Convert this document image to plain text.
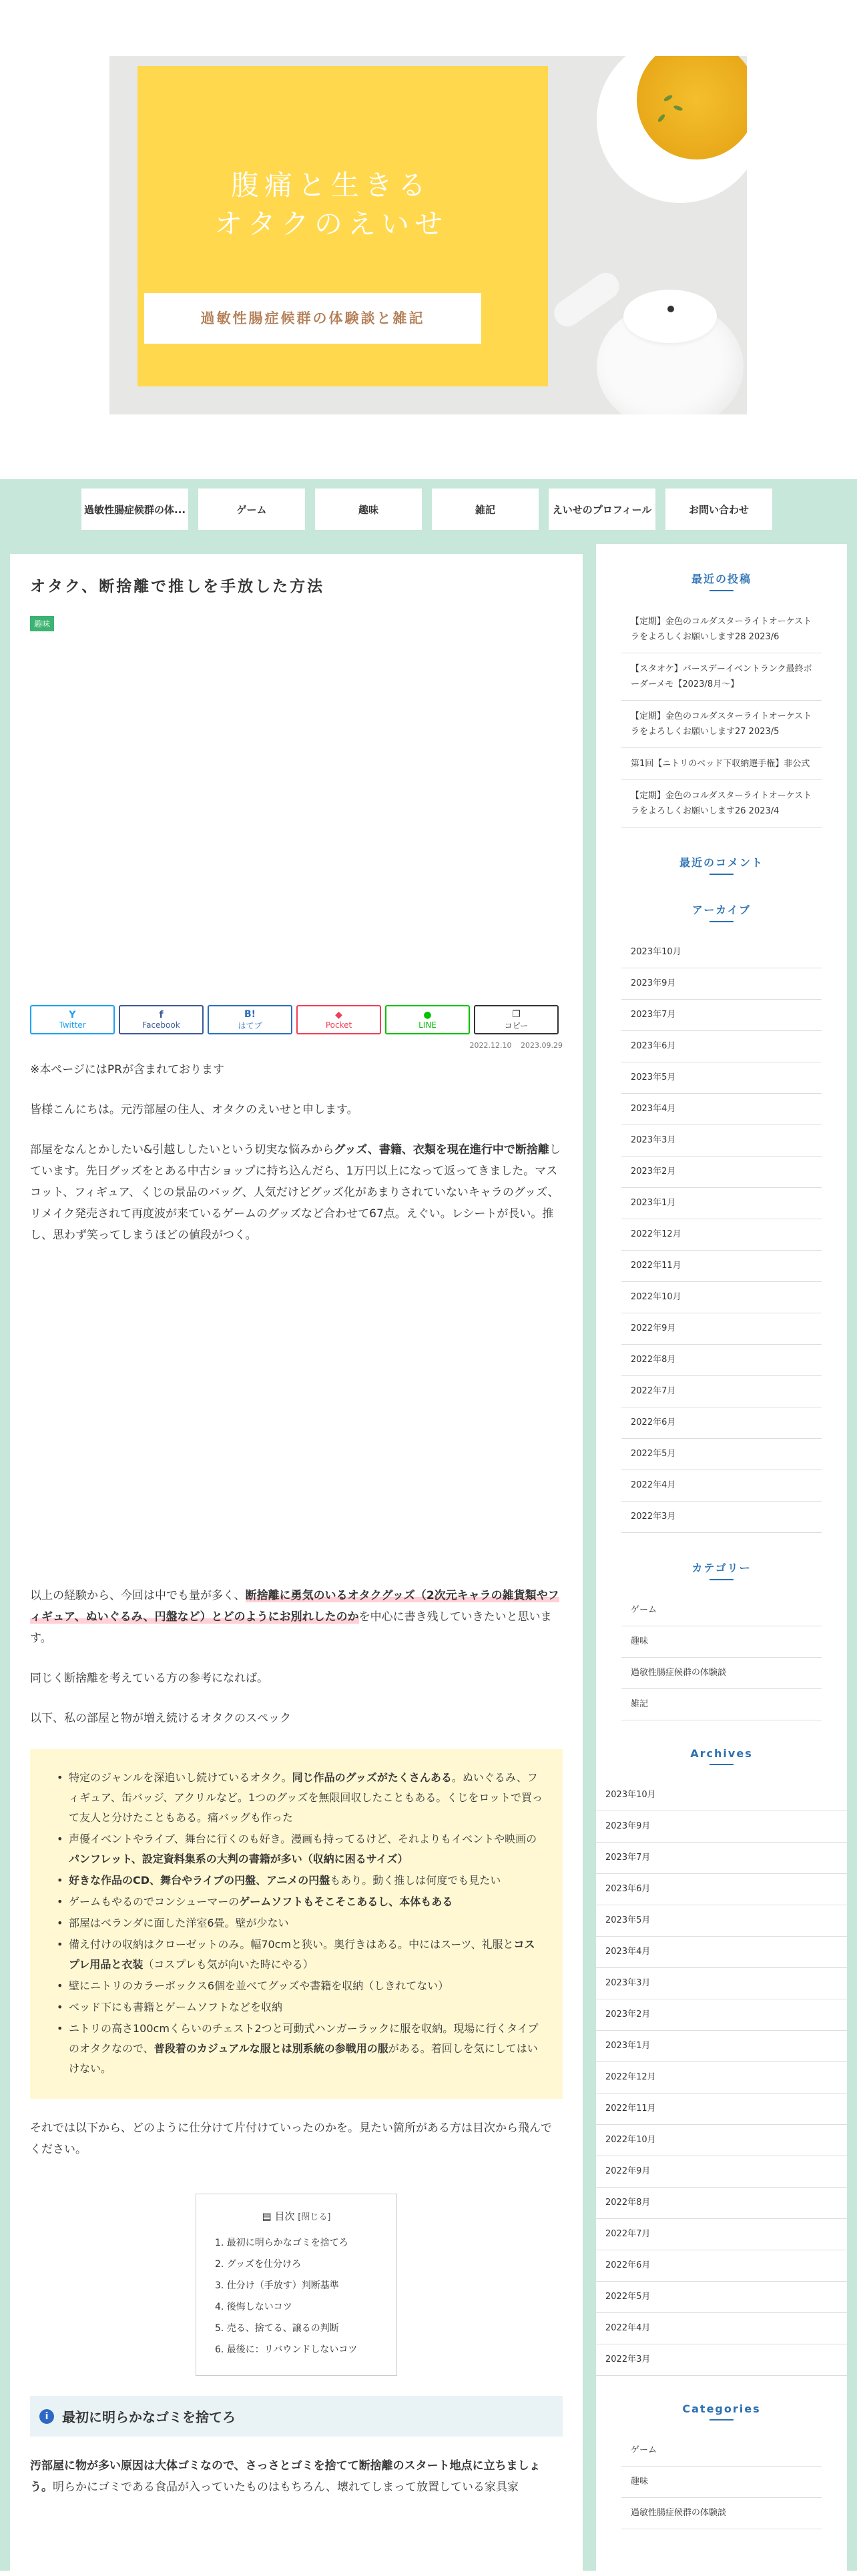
腹痛と生きる
オタクのえいせ
過敏性腸症候群の体験談と雑記
過敏性腸症候群の体...	ゲーム	趣味	雑記	えいせのプロフィール	お問い合わせ
オタク、断捨離で推しを手放した方法
趣味
Y
Twitter
f
Facebook
B!
はてブ
◆
Pocket
●
LINE
❐
コピー
2022.12.10 2023.09.29

※本ページにはPRが含まれております

皆様こんにちは。元汚部屋の住人、オタクのえいせと申します。

部屋をなんとかしたい&引越ししたいという切実な悩みからグッズ、書籍、衣類を現在進行中で断捨離しています。先日グッズをとある中古ショップに持ち込んだら、1万円以上になって返ってきました。マスコット、フィギュア、くじの景品のバッグ、人気だけどグッズ化があまりされていないキャラのグッズ、リメイク発売されて再度波が来ているゲームのグッズなど合わせて67点。えぐい。レシートが長い。推し、思わず笑ってしまうほどの値段がつく。

以上の経験から、今回は中でも量が多く、断捨離に勇気のいるオタクグッズ（2次元キャラの雑貨類やフィギュア、ぬいぐるみ、円盤など）とどのようにお別れしたのかを中心に書き残していきたいと思います。

同じく断捨離を考えている方の参考になれば。

以下、私の部屋と物が増え続けるオタクのスペック

• 特定のジャンルを深追いし続けているオタク。同じ作品のグッズがたくさんある。ぬいぐるみ、フィギュア、缶バッジ、アクリルなど。1つのグッズを無限回収したこともある。くじをロットで買って友人と分けたこともある。痛バッグも作った
• 声優イベントやライブ、舞台に行くのも好き。漫画も持ってるけど、それよりもイベントや映画のパンフレット、設定資料集系の大判の書籍が多い（収納に困るサイズ）
• 好きな作品のCD、舞台やライブの円盤、アニメの円盤もあり。動く推しは何度でも見たい
• ゲームもやるのでコンシューマーのゲームソフトもそこそこあるし、本体もある
• 部屋はベランダに面した洋室6畳。壁が少ない
• 備え付けの収納はクローゼットのみ。幅70cmと狭い。奥行きはある。中にはスーツ、礼服とコスプレ用品と衣装（コスプレも気が向いた時にやる）
• 壁にニトリのカラーボックス6個を並べてグッズや書籍を収納（しきれてない）
• ベッド下にも書籍とゲームソフトなどを収納
• ニトリの高さ100cmくらいのチェスト2つと可動式ハンガーラックに服を収納。現場に行くタイプのオタクなので、普段着のカジュアルな服とは別系統の参戦用の服がある。着回しを気にしてはいけない。

それでは以下から、どのように仕分けて片付けていったのかを。見たい箇所がある方は目次から飛んでください。

▤ 目次 [閉じる]
1. 最初に明らかなゴミを捨てろ
2. グッズを仕分けろ
3. 仕分け（手放す）判断基準
4. 後悔しないコツ
5. 売る、捨てる、譲るの判断
6. 最後に：リバウンドしないコツ
i	最初に明らかなゴミを捨てろ

汚部屋に物が多い原因は大体ゴミなので、さっさとゴミを捨てて断捨離のスタート地点に立ちましょう。明らかにゴミである食品が入っていたものはもちろん、壊れてしまって放置している家具家

最近の投稿
【定期】金色のコルダスターライトオーケストラをよろしくお願いします28 2023/6
【スタオケ】バースデーイベントランク最終ボーダーメモ【2023/8月〜】
【定期】金色のコルダスターライトオーケストラをよろしくお願いします27 2023/5
第1回【ニトリのベッド下収納選手権】非公式
【定期】金色のコルダスターライトオーケストラをよろしくお願いします26 2023/4
最近のコメント
アーカイブ
2023年10月
2023年9月
2023年7月
2023年6月
2023年5月
2023年4月
2023年3月
2023年2月
2023年1月
2022年12月
2022年11月
2022年10月
2022年9月
2022年8月
2022年7月
2022年6月
2022年5月
2022年4月
2022年3月
カテゴリー
ゲーム
趣味
過敏性腸症候群の体験談
雑記
Archives
2023年10月
2023年9月
2023年7月
2023年6月
2023年5月
2023年4月
2023年3月
2023年2月
2023年1月
2022年12月
2022年11月
2022年10月
2022年9月
2022年8月
2022年7月
2022年6月
2022年5月
2022年4月
2022年3月
Categories
ゲーム
趣味
過敏性腸症候群の体験談
